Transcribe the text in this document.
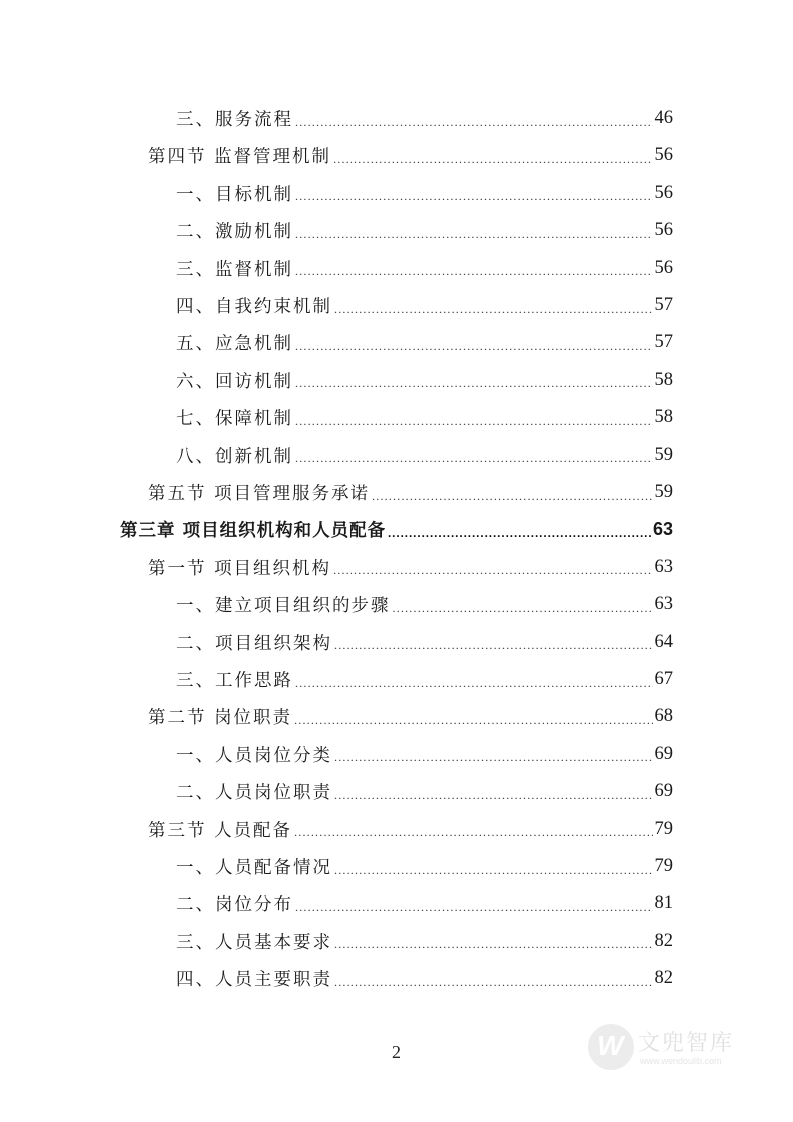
三、服务流程 .....	46
第四节 监督管理机制 .....	56
一、目标机制 .....	56
二、激励机制 .....	56
三、监督机制 .....	56
四、自我约束机制 .....	57
五、应急机制 .....	57
六、回访机制 .....	58
七、保障机制 .....	58
八、创新机制 .....	59
第五节 项目管理服务承诺 .....	59
第三章 项目组织机构和人员配备 .....	63
第一节 项目组织机构 .....	63
一、建立项目组织的步骤 .....	63
二、项目组织架构 .....	64
三、工作思路 .....	67
第二节 岗位职责 .....	68
一、人员岗位分类 .....	69
二、人员岗位职责 .....	69
第三节 人员配备 .....	79
一、人员配备情况 .....	79
二、岗位分布 .....	81
三、人员基本要求 .....	82
四、人员主要职责 .....	82
2 W	文兜智库
www.wendoulib.com
